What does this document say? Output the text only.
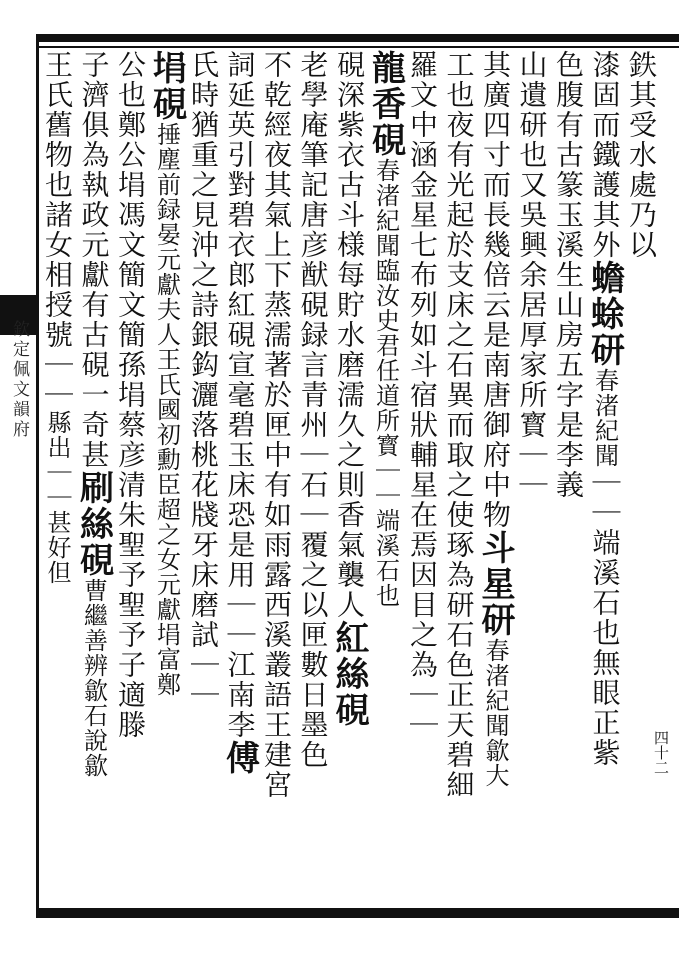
欽定佩文韻府
四十二
鉄其受水處乃以
漆固而鐵護其外蟾蜍研春渚紀聞｜｜端溪石也無眼正紫
色腹有古篆玉溪生山房五字是李義
山遺研也又吳興余居厚家所寳｜｜
其廣四寸而長幾倍云是南唐御府中物斗星研春渚紀聞歙大
工也夜有光起於支床之石異而取之使琢為研石色正天碧細
羅文中涵金星七布列如斗宿狀輔星在焉因目之為｜｜
龍香硯春渚紀聞臨汝史君任道所寳｜｜端溪石也
硯深紫衣古斗様每貯水磨濡久之則香氣襲人紅絲硯
老學庵筆記唐彦猷硯録言青州｜石｜覆之以匣數日墨色
不乾經夜其氣上下蒸濡著於匣中有如雨露西溪叢語王建宮
詞延英引對碧衣郎紅硯宣毫碧玉床恐是用｜｜江南李傅
氏時猶重之見沖之詩銀鈎灑落桃花牋牙床磨試｜｜
埍硯捶塵前録晏元獻夫人王氏國初勳臣超之女元獻埍富鄭
公也鄭公埍馮文簡文簡孫埍蔡彦清朱聖予聖予子適滕
子濟俱為執政元獻有古硯一奇甚刷絲硯曹繼善辨歙石說歙
王氏舊物也諸女相授號｜｜縣出｜｜甚好但
